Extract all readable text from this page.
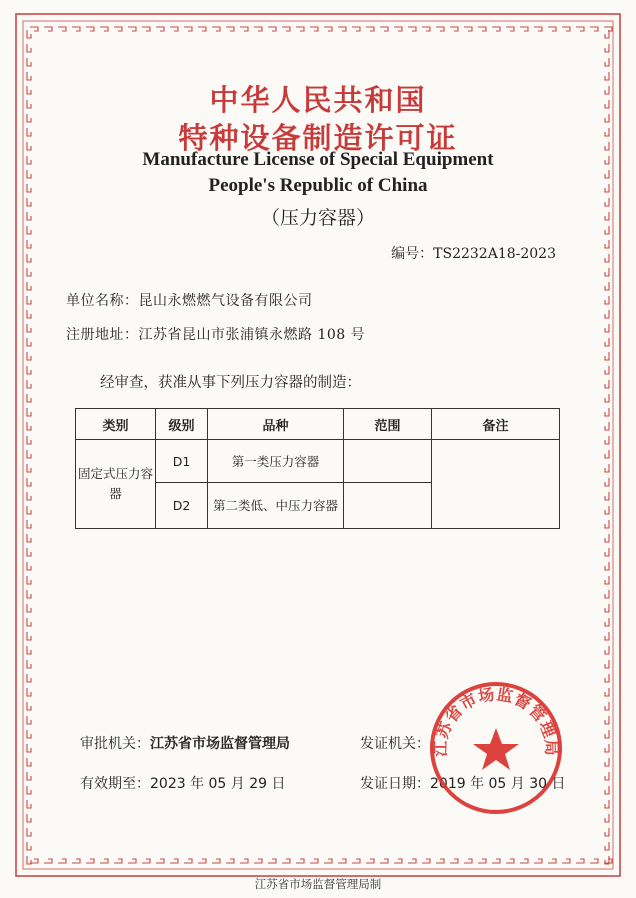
中华人民共和国
特种设备制造许可证
Manufacture License of Special Equipment
People's Republic of China
（压力容器）
编号：TS2232A18-2023
单位名称：昆山永燃燃气设备有限公司
注册地址：江苏省昆山市张浦镇永燃路 108 号
经审查，获准从事下列压力容器的制造：
类别	级别	品种	范围	备注
固定式压力容器	D1	第一类压力容器		
	D2	第二类低、中压力容器		
审批机关：江苏省市场监督管理局	发证机关：
有效期至：2023 年 05 月 29 日	发证日期：2019 年 05 月 30 日
江苏省市场监督管理局
江苏省市场监督管理局制
